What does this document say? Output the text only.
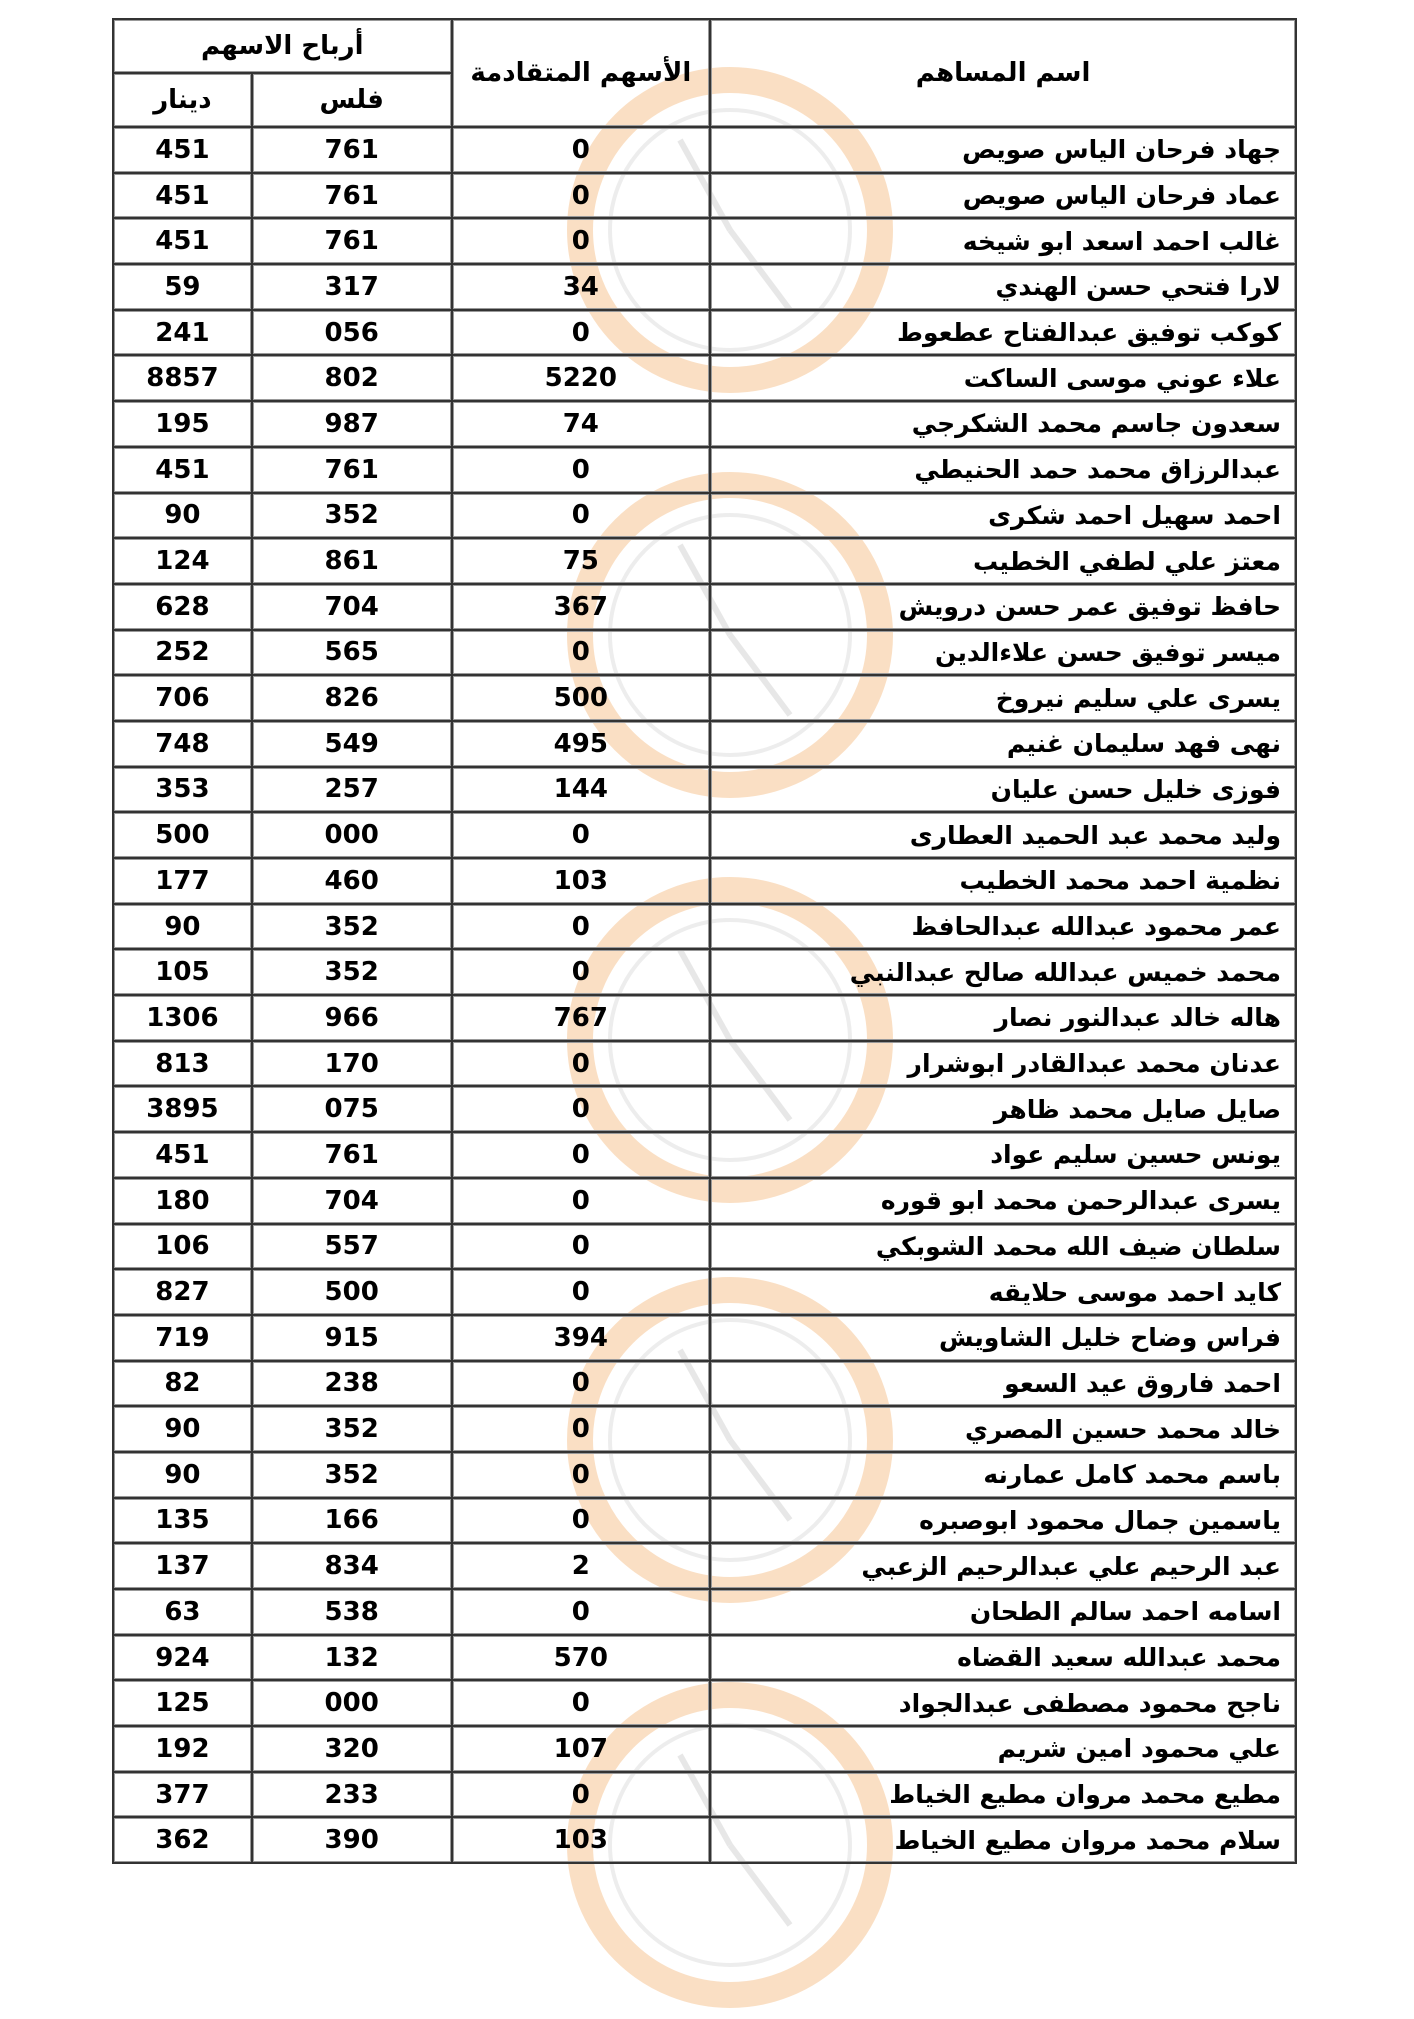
اسم المساهم	الأسهم المتقادمة	أرباح الاسهم	
		فلس	دينار
جهاد فرحان الياس صويص	0	761	451
عماد فرحان الياس صويص	0	761	451
غالب احمد اسعد ابو شيخه	0	761	451
لارا فتحي حسن الهندي	34	317	59
كوكب توفيق عبدالفتاح عطعوط	0	056	241
علاء عوني موسى الساكت	5220	802	8857
سعدون جاسم محمد الشكرجي	74	987	195
عبدالرزاق محمد حمد الحنيطي	0	761	451
احمد سهيل احمد شكرى	0	352	90
معتز علي لطفي الخطيب	75	861	124
حافظ توفيق عمر حسن درويش	367	704	628
ميسر توفيق حسن علاءالدين	0	565	252
يسرى علي سليم نيروخ	500	826	706
نهى فهد سليمان غنيم	495	549	748
فوزى خليل حسن عليان	144	257	353
وليد محمد عبد الحميد العطارى	0	000	500
نظمية احمد محمد الخطيب	103	460	177
عمر محمود عبدالله عبدالحافظ	0	352	90
محمد خميس عبدالله صالح عبدالنبي	0	352	105
هاله خالد عبدالنور نصار	767	966	1306
عدنان محمد عبدالقادر ابوشرار	0	170	813
صايل صايل محمد ظاهر	0	075	3895
يونس حسين سليم عواد	0	761	451
يسرى عبدالرحمن محمد ابو قوره	0	704	180
سلطان ضيف الله محمد الشوبكي	0	557	106
كايد احمد موسى حلايقه	0	500	827
فراس وضاح خليل الشاويش	394	915	719
احمد فاروق عيد السعو	0	238	82
خالد محمد حسين المصري	0	352	90
باسم محمد كامل عمارنه	0	352	90
ياسمين جمال محمود ابوصبره	0	166	135
عبد الرحيم علي عبدالرحيم الزعبي	2	834	137
اسامه احمد سالم الطحان	0	538	63
محمد عبدالله سعيد القضاه	570	132	924
ناجح محمود مصطفى عبدالجواد	0	000	125
علي محمود امين شريم	107	320	192
مطيع محمد مروان مطيع الخياط	0	233	377
سلام محمد مروان مطيع الخياط	103	390	362
